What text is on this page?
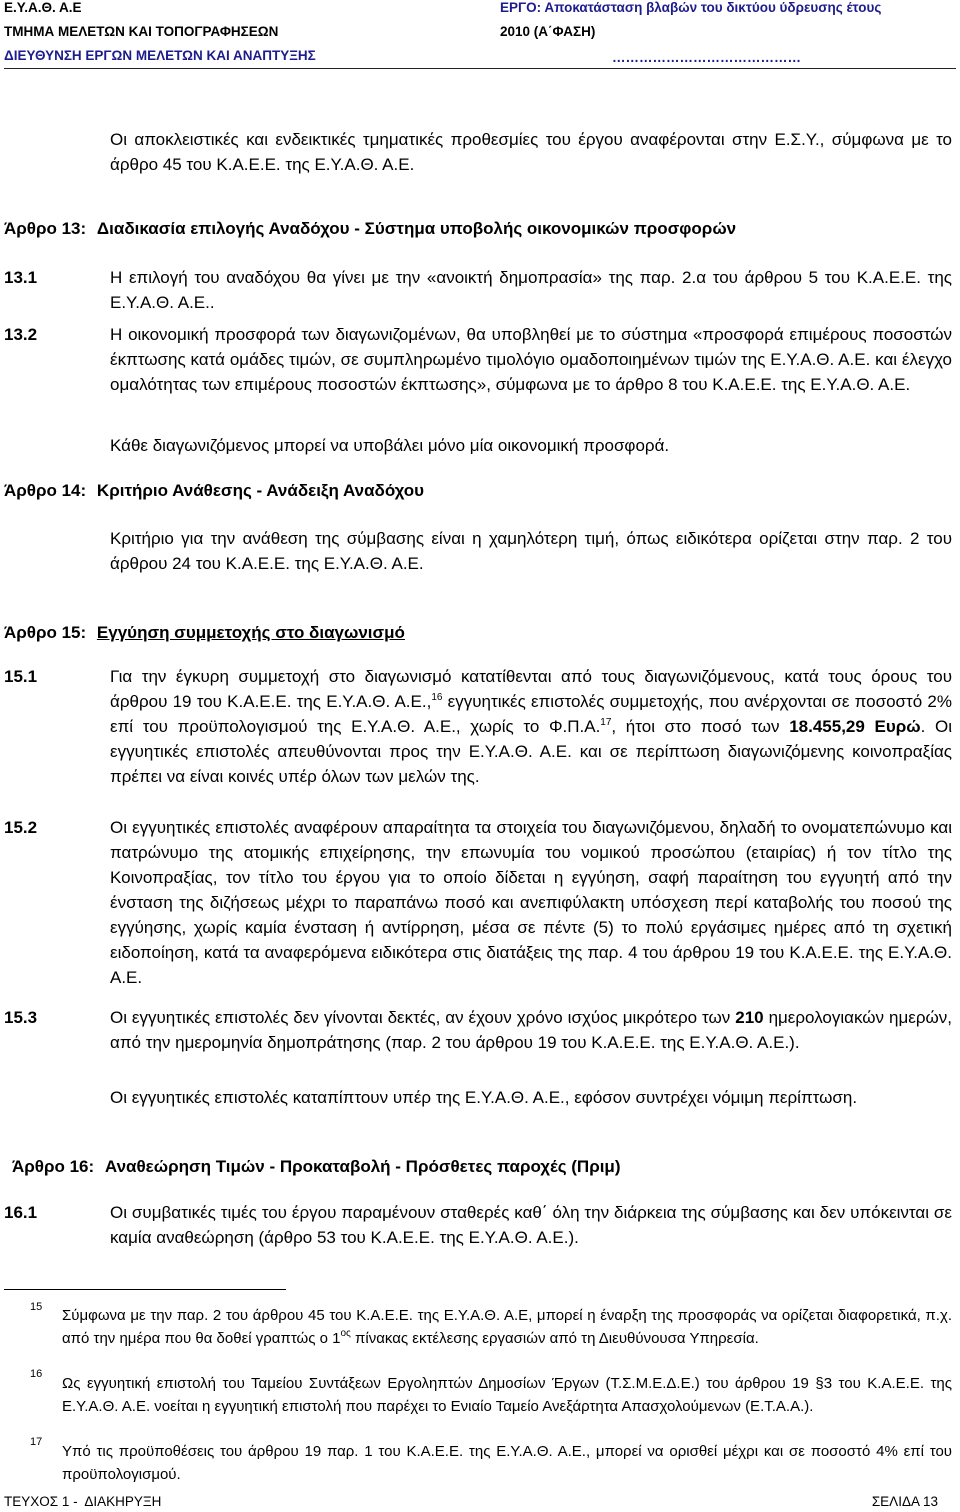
Ε.Υ.Α.Θ. Α.Ε
ΤΜΗΜΑ ΜΕΛΕΤΩΝ ΚΑΙ ΤΟΠΟΓΡΑΦΗΣΕΩΝ
ΔΙΕΥΘΥΝΣΗ ΕΡΓΩΝ ΜΕΛΕΤΩΝ ΚΑΙ ΑΝΑΠΤΥΞΗΣ
ΕΡΓΟ: Αποκατάσταση βλαβών του δικτύου ύδρευσης έτους
2010 (Α΄ΦΑΣΗ)
……………………………………
Οι αποκλειστικές και ενδεικτικές τμηματικές προθεσμίες του έργου αναφέρονται στην Ε.Σ.Υ., σύμφωνα με το άρθρο 45 του Κ.Α.Ε.Ε. της Ε.Υ.Α.Θ. Α.Ε.
Άρθρο 13: Διαδικασία επιλογής Αναδόχου - Σύστημα υποβολής οικονομικών προσφορών
13.1	Η επιλογή του αναδόχου θα γίνει με την «ανοικτή δημοπρασία» της παρ. 2.α του άρθρου 5 του Κ.Α.Ε.Ε. της Ε.Υ.Α.Θ. Α.Ε..
13.2	Η οικονομική προσφορά των διαγωνιζομένων, θα υποβληθεί με το σύστημα «προσφορά επιμέρους ποσοστών έκπτωσης κατά ομάδες τιμών, σε συμπληρωμένο τιμολόγιο ομαδοποιημένων τιμών της Ε.Υ.Α.Θ. Α.Ε. και έλεγχο ομαλότητας των επιμέρους ποσοστών έκπτωσης», σύμφωνα με το άρθρο 8 του Κ.Α.Ε.Ε. της Ε.Υ.Α.Θ. Α.Ε.
Κάθε διαγωνιζόμενος μπορεί να υποβάλει μόνο μία οικονομική προσφορά.
Άρθρο 14: Κριτήριο Ανάθεσης - Ανάδειξη Αναδόχου
Κριτήριο για την ανάθεση της σύμβασης είναι η χαμηλότερη τιμή, όπως ειδικότερα ορίζεται στην παρ. 2 του άρθρου 24 του Κ.Α.Ε.Ε. της Ε.Υ.Α.Θ. Α.Ε.
Άρθρο 15: Εγγύηση συμμετοχής στο διαγωνισμό
15.1	Για την έγκυρη συμμετοχή στο διαγωνισμό κατατίθενται από τους διαγωνιζόμενους, κατά τους όρους του άρθρου 19 του Κ.Α.Ε.Ε. της Ε.Υ.Α.Θ. Α.Ε.,$^{16}$ εγγυητικές επιστολές συμμετοχής, που ανέρχονται σε ποσοστό 2% επί του προϋπολογισμού της Ε.Υ.Α.Θ. Α.Ε., χωρίς το Φ.Π.Α.$^{17}$, ήτοι στο ποσό των 18.455,29 Ευρώ. Οι εγγυητικές επιστολές απευθύνονται προς την Ε.Υ.Α.Θ. Α.Ε. και σε περίπτωση διαγωνιζόμενης κοινοπραξίας πρέπει να είναι κοινές υπέρ όλων των μελών της.
15.2	Οι εγγυητικές επιστολές αναφέρουν απαραίτητα τα στοιχεία του διαγωνιζόμενου, δηλαδή το ονοματεπώνυμο και πατρώνυμο της ατομικής επιχείρησης, την επωνυμία του νομικού προσώπου (εταιρίας) ή τον τίτλο της Κοινοπραξίας, τον τίτλο του έργου για το οποίο δίδεται η εγγύηση, σαφή παραίτηση του εγγυητή από την ένσταση της διζήσεως μέχρι το παραπάνω ποσό και ανεπιφύλακτη υπόσχεση περί καταβολής του ποσού της εγγύησης, χωρίς καμία ένσταση ή αντίρρηση, μέσα σε πέντε (5) το πολύ εργάσιμες ημέρες από τη σχετική ειδοποίηση, κατά τα αναφερόμενα ειδικότερα στις διατάξεις της παρ. 4 του άρθρου 19 του Κ.Α.Ε.Ε. της Ε.Υ.Α.Θ. Α.Ε.
15.3	Οι εγγυητικές επιστολές δεν γίνονται δεκτές, αν έχουν χρόνο ισχύος μικρότερο των 210 ημερολογιακών ημερών, από την ημερομηνία δημοπράτησης (παρ. 2 του άρθρου 19 του Κ.Α.Ε.Ε. της Ε.Υ.Α.Θ. Α.Ε.).
Οι εγγυητικές επιστολές καταπίπτουν υπέρ της Ε.Υ.Α.Θ. Α.Ε., εφόσον συντρέχει νόμιμη περίπτωση.
Άρθρο 16: Αναθεώρηση Τιμών - Προκαταβολή - Πρόσθετες παροχές (Πριμ)
16.1	Οι συμβατικές τιμές του έργου παραμένουν σταθερές καθ΄ όλη την διάρκεια της σύμβασης και δεν υπόκεινται σε καμία αναθεώρηση (άρθρο 53 του Κ.Α.Ε.Ε. της Ε.Υ.Α.Θ. Α.Ε.).
15 Σύμφωνα με την παρ. 2 του άρθρου 45 του Κ.Α.Ε.Ε. της Ε.Υ.Α.Θ. Α.Ε, μπορεί η έναρξη της προσφοράς να ορίζεται διαφορετικά, π.χ. από την ημέρα που θα δοθεί γραπτώς ο $1^{o\varsigma}$ πίνακας εκτέλεσης εργασιών από τη Διευθύνουσα Υπηρεσία.
16
Ως εγγυητική επιστολή του Ταμείου Συντάξεων Εργοληπτών Δημοσίων Έργων (Τ.Σ.Μ.Ε.Δ.Ε.) του άρθρου 19 §3 του Κ.Α.Ε.Ε. της Ε.Υ.Α.Θ. Α.Ε. νοείται η εγγυητική επιστολή που παρέχει το Ενιαίο Ταμείο Ανεξάρτητα Απασχολούμενων (Ε.Τ.Α.Α.).
17
Υπό τις προϋποθέσεις του άρθρου 19 παρ. 1 του Κ.Α.Ε.Ε. της Ε.Υ.Α.Θ. Α.Ε., μπορεί να ορισθεί μέχρι και σε ποσοστό 4% επί του προϋπολογισμού.
ΤΕΥΧΟΣ 1 -  ΔΙΑΚΗΡΥΞΗ	ΣΕΛΙΔΑ 13
